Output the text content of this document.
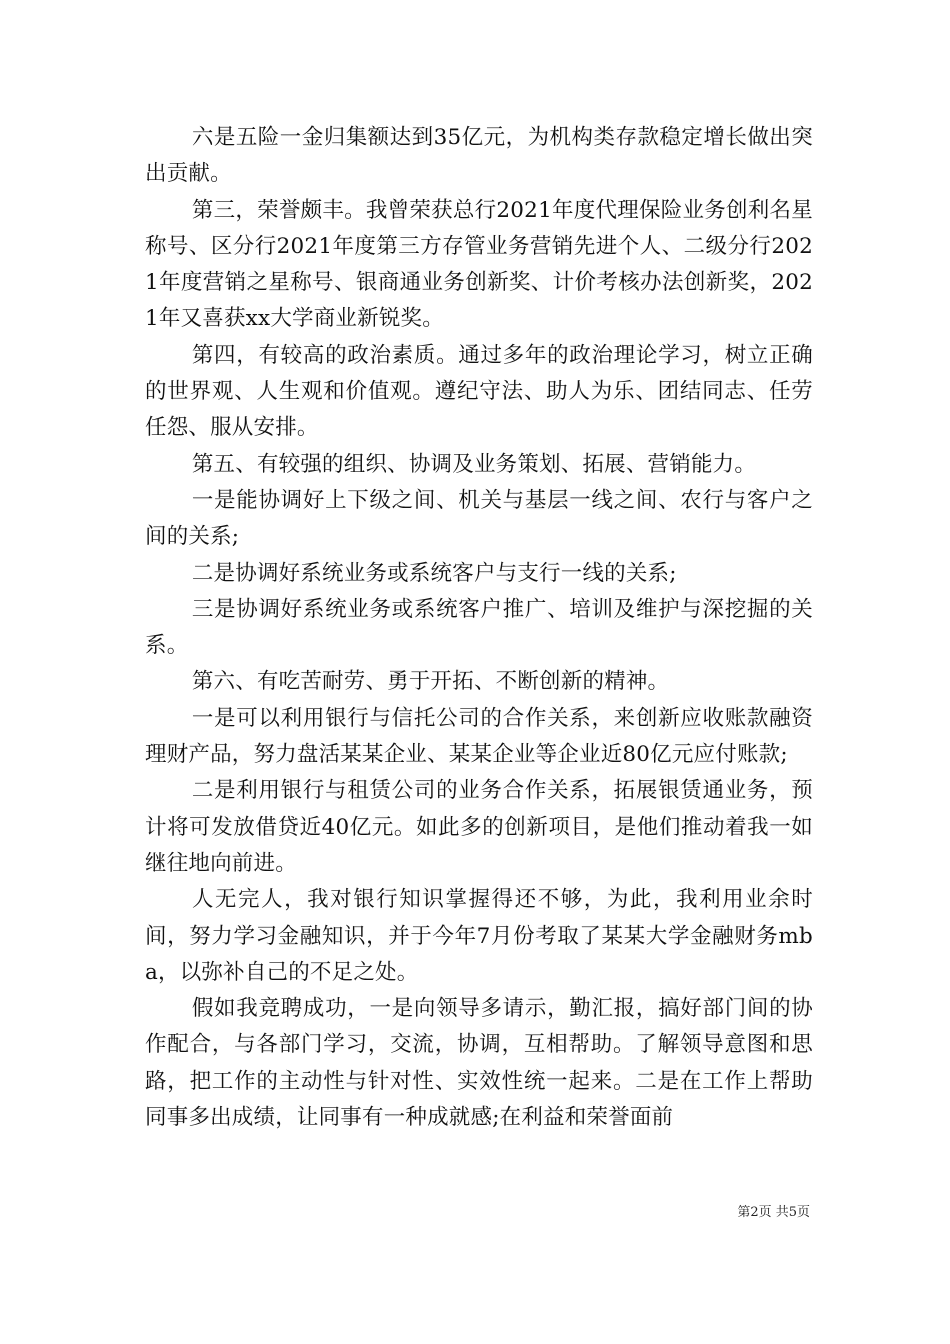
六是五险一金归集额达到35亿元，为机构类存款稳定增长做出突出贡献。

第三，荣誉颇丰。我曾荣获总行2021年度代理保险业务创利名星称号、区分行2021年度第三方存管业务营销先进个人、二级分行2021年度营销之星称号、银商通业务创新奖、计价考核办法创新奖，2021年又喜获xx大学商业新锐奖。

第四，有较高的政治素质。通过多年的政治理论学习，树立正确的世界观、人生观和价值观。遵纪守法、助人为乐、团结同志、任劳任怨、服从安排。

第五、有较强的组织、协调及业务策划、拓展、营销能力。

一是能协调好上下级之间、机关与基层一线之间、农行与客户之间的关系;

二是协调好系统业务或系统客户与支行一线的关系;

三是协调好系统业务或系统客户推广、培训及维护与深挖掘的关系。

第六、有吃苦耐劳、勇于开拓、不断创新的精神。

一是可以利用银行与信托公司的合作关系，来创新应收账款融资理财产品，努力盘活某某企业、某某企业等企业近80亿元应付账款;

二是利用银行与租赁公司的业务合作关系，拓展银赁通业务，预计将可发放借贷近40亿元。如此多的创新项目，是他们推动着我一如继往地向前进。

人无完人，我对银行知识掌握得还不够，为此，我利用业余时间，努力学习金融知识，并于今年7月份考取了某某大学金融财务mba，以弥补自己的不足之处。

假如我竞聘成功，一是向领导多请示，勤汇报，搞好部门间的协作配合，与各部门学习，交流，协调，互相帮助。了解领导意图和思路，把工作的主动性与针对性、实效性统一起来。二是在工作上帮助同事多出成绩，让同事有一种成就感;在利益和荣誉面前

第2页 共5页
